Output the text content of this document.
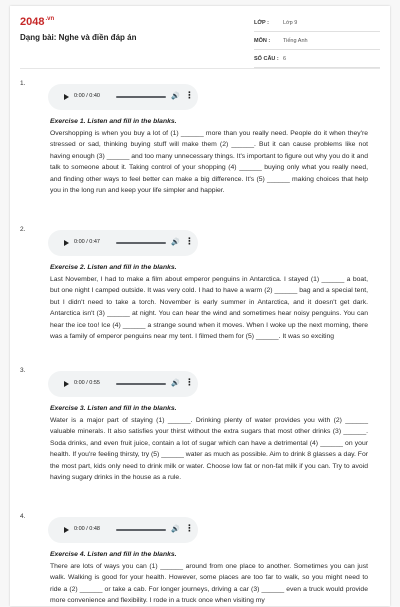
$2048^{.vn}$
Dạng bài: Nghe và điền đáp án
LỚP :	Lớp 9
MÔN : Tiếng Anh
SỐ CÂU : 6
1.
0:00 / 0:40	🔊 ⋮
Exercise 1. Listen and fill in the blanks.
Overshopping is when you buy a lot of (1) ______ more than you really need. People do it when they're stressed or sad, thinking buying stuff will make them (2) ______. But it can cause problems like not having enough (3) ______ and too many unnecessary things. It's important to figure out why you do it and talk to someone about it. Taking control of your shopping (4) ______ buying only what you really need, and finding other ways to feel better can make a big difference. It's (5) ______ making choices that help you in the long run and keep your life simpler and happier.
2.
0:00 / 0:47	🔊 ⋮
Exercise 2. Listen and fill in the blanks.
Last November, I had to make a film about emperor penguins in Antarctica. I stayed (1) ______ a boat, but one night I camped outside. It was very cold. I had to have a warm (2) ______ bag and a special tent, but I didn't need to take a torch. November is early summer in Antarctica, and it doesn't get dark. Antarctica isn't (3) ______ at night. You can hear the wind and sometimes hear noisy penguins. You can hear the ice too! Ice (4) ______ a strange sound when it moves. When I woke up the next morning, there was a family of emperor penguins near my tent. I filmed them for (5) ______. It was so exciting
3.
0:00 / 0:55	🔊 ⋮
Exercise 3. Listen and fill in the blanks.
Water is a major part of staying (1) ______. Drinking plenty of water provides you with (2) ______ valuable minerals. It also satisfies your thirst without the extra sugars that most other drinks (3) ______. Soda drinks, and even fruit juice, contain a lot of sugar which can have a detrimental (4) ______ on your health. If you're feeling thirsty, try (5) ______ water as much as possible. Aim to drink 8 glasses a day. For the most part, kids only need to drink milk or water. Choose low fat or non-fat milk if you can. Try to avoid having sugary drinks in the house as a rule.
4.
0:00 / 0:48	🔊 ⋮
Exercise 4. Listen and fill in the blanks.
There are lots of ways you can (1) ______ around from one place to another. Sometimes you can just walk. Walking is good for your health. However, some places are too far to walk, so you might need to ride a (2) ______ or take a cab. For longer journeys, driving a car (3) ______ even a truck would provide more convenience and flexibility. I rode in a truck once when visiting my
